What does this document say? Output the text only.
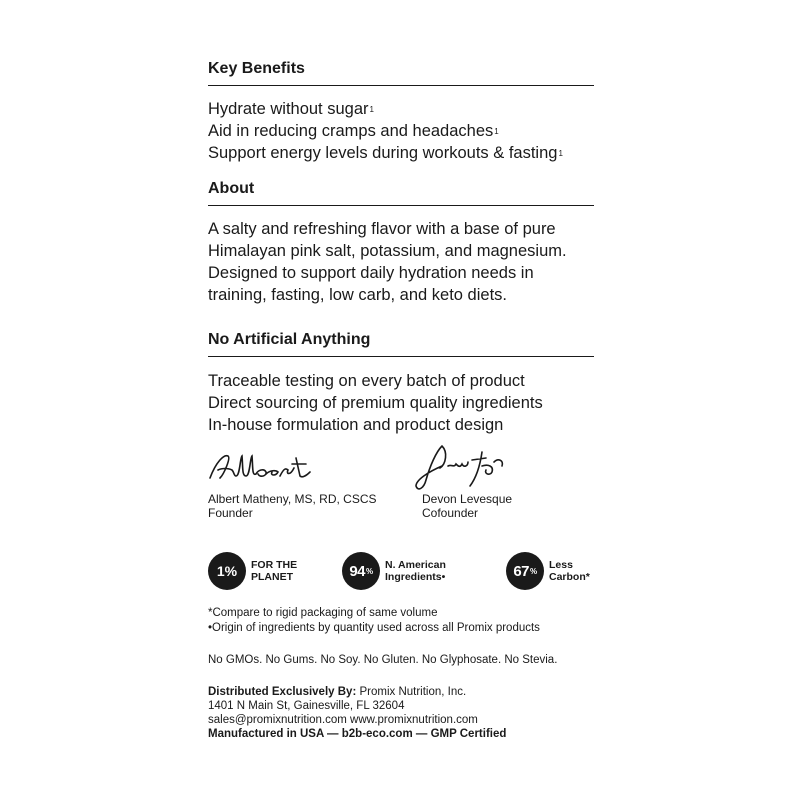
Key Benefits
Hydrate without sugar$^1$
Aid in reducing cramps and headaches$^1$
Support energy levels during workouts & fasting$^1$
About
A salty and refreshing flavor with a base of pure
Himalayan pink salt, potassium, and magnesium.
Designed to support daily hydration needs in
training, fasting, low carb, and keto diets.
No Artificial Anything
Traceable testing on every batch of product
Direct sourcing of premium quality ingredients
In-house formulation and product design
Albert Matheny, MS, RD, CSCS
Founder
Devon Levesque
Cofounder
1%	FOR THE
PLANET	94 % N. American
Ingredients•	67 % Less
Carbon*
*Compare to rigid packaging of same volume
•Origin of ingredients by quantity used across all Promix products
No GMOs. No Gums. No Soy. No Gluten. No Glyphosate. No Stevia.
Distributed Exclusively By: Promix Nutrition, Inc.
1401 N Main St, Gainesville, FL 32604
sales@promixnutrition.com www.promixnutrition.com
Manufactured in USA — b2b-eco.com — GMP Certified
